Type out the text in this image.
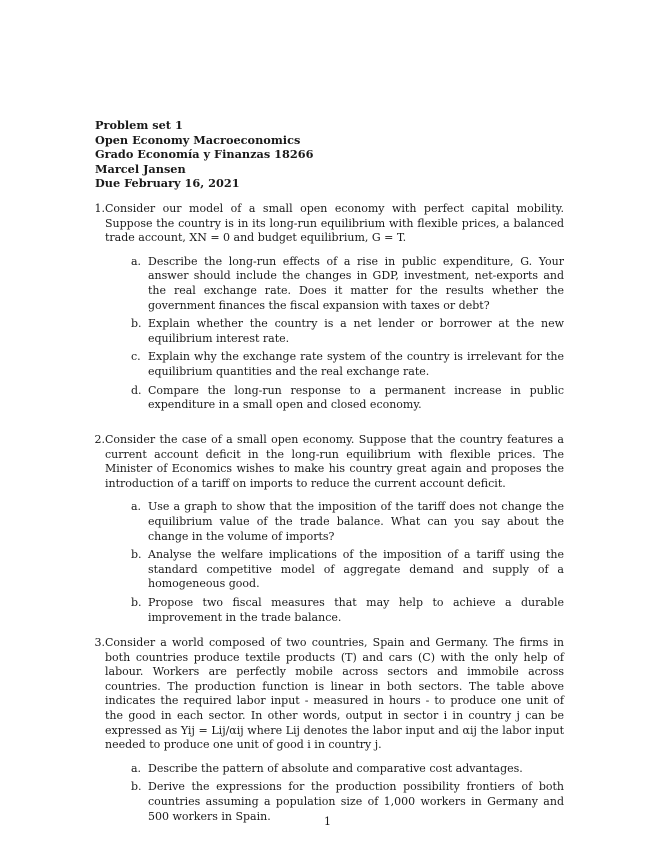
Problem set 1
Open Economy Macroeconomics
Grado Economía y Finanzas 18266
Marcel Jansen
Due February 16, 2021
1. Consider our model of a small open economy with perfect capital mobility. Suppose the country is in its long-run equilibrium with flexible prices, a balanced trade account, XN = 0 and budget equilibrium, G = T.

a. Describe the long-run effects of a rise in public expenditure, G. Your answer should include the changes in GDP, investment, net-exports and the real exchange rate. Does it matter for the results whether the government finances the fiscal expansion with taxes or debt?
b. Explain whether the country is a net lender or borrower at the new equilibrium interest rate.
c. Explain why the exchange rate system of the country is irrelevant for the equilibrium quantities and the real exchange rate.
d. Compare the long-run response to a permanent increase in public expenditure in a small open and closed economy.
2. Consider the case of a small open economy. Suppose that the country features a current account deficit in the long-run equilibrium with flexible prices. The Minister of Economics wishes to make his country great again and proposes the introduction of a tariff on imports to reduce the current account deficit.

a. Use a graph to show that the imposition of the tariff does not change the equilibrium value of the trade balance. What can you say about the change in the volume of imports?
b. Analyse the welfare implications of the imposition of a tariff using the standard competitive model of aggregate demand and supply of a homogeneous good.
b. Propose two fiscal measures that may help to achieve a durable improvement in the trade balance.
3. Consider a world composed of two countries, Spain and Germany. The firms in both countries produce textile products (T) and cars (C) with the only help of labour. Workers are perfectly mobile across sectors and immobile across countries. The production function is linear in both sectors. The table above indicates the required labor input - measured in hours - to produce one unit of the good in each sector. In other words, output in sector i in country j can be expressed as Yij = Lij/αij where Lij denotes the labor input and αij the labor input needed to produce one unit of good i in country j.

a. Describe the pattern of absolute and comparative cost advantages.
b. Derive the expressions for the production possibility frontiers of both countries assuming a population size of 1,000 workers in Germany and 500 workers in Spain.	1
